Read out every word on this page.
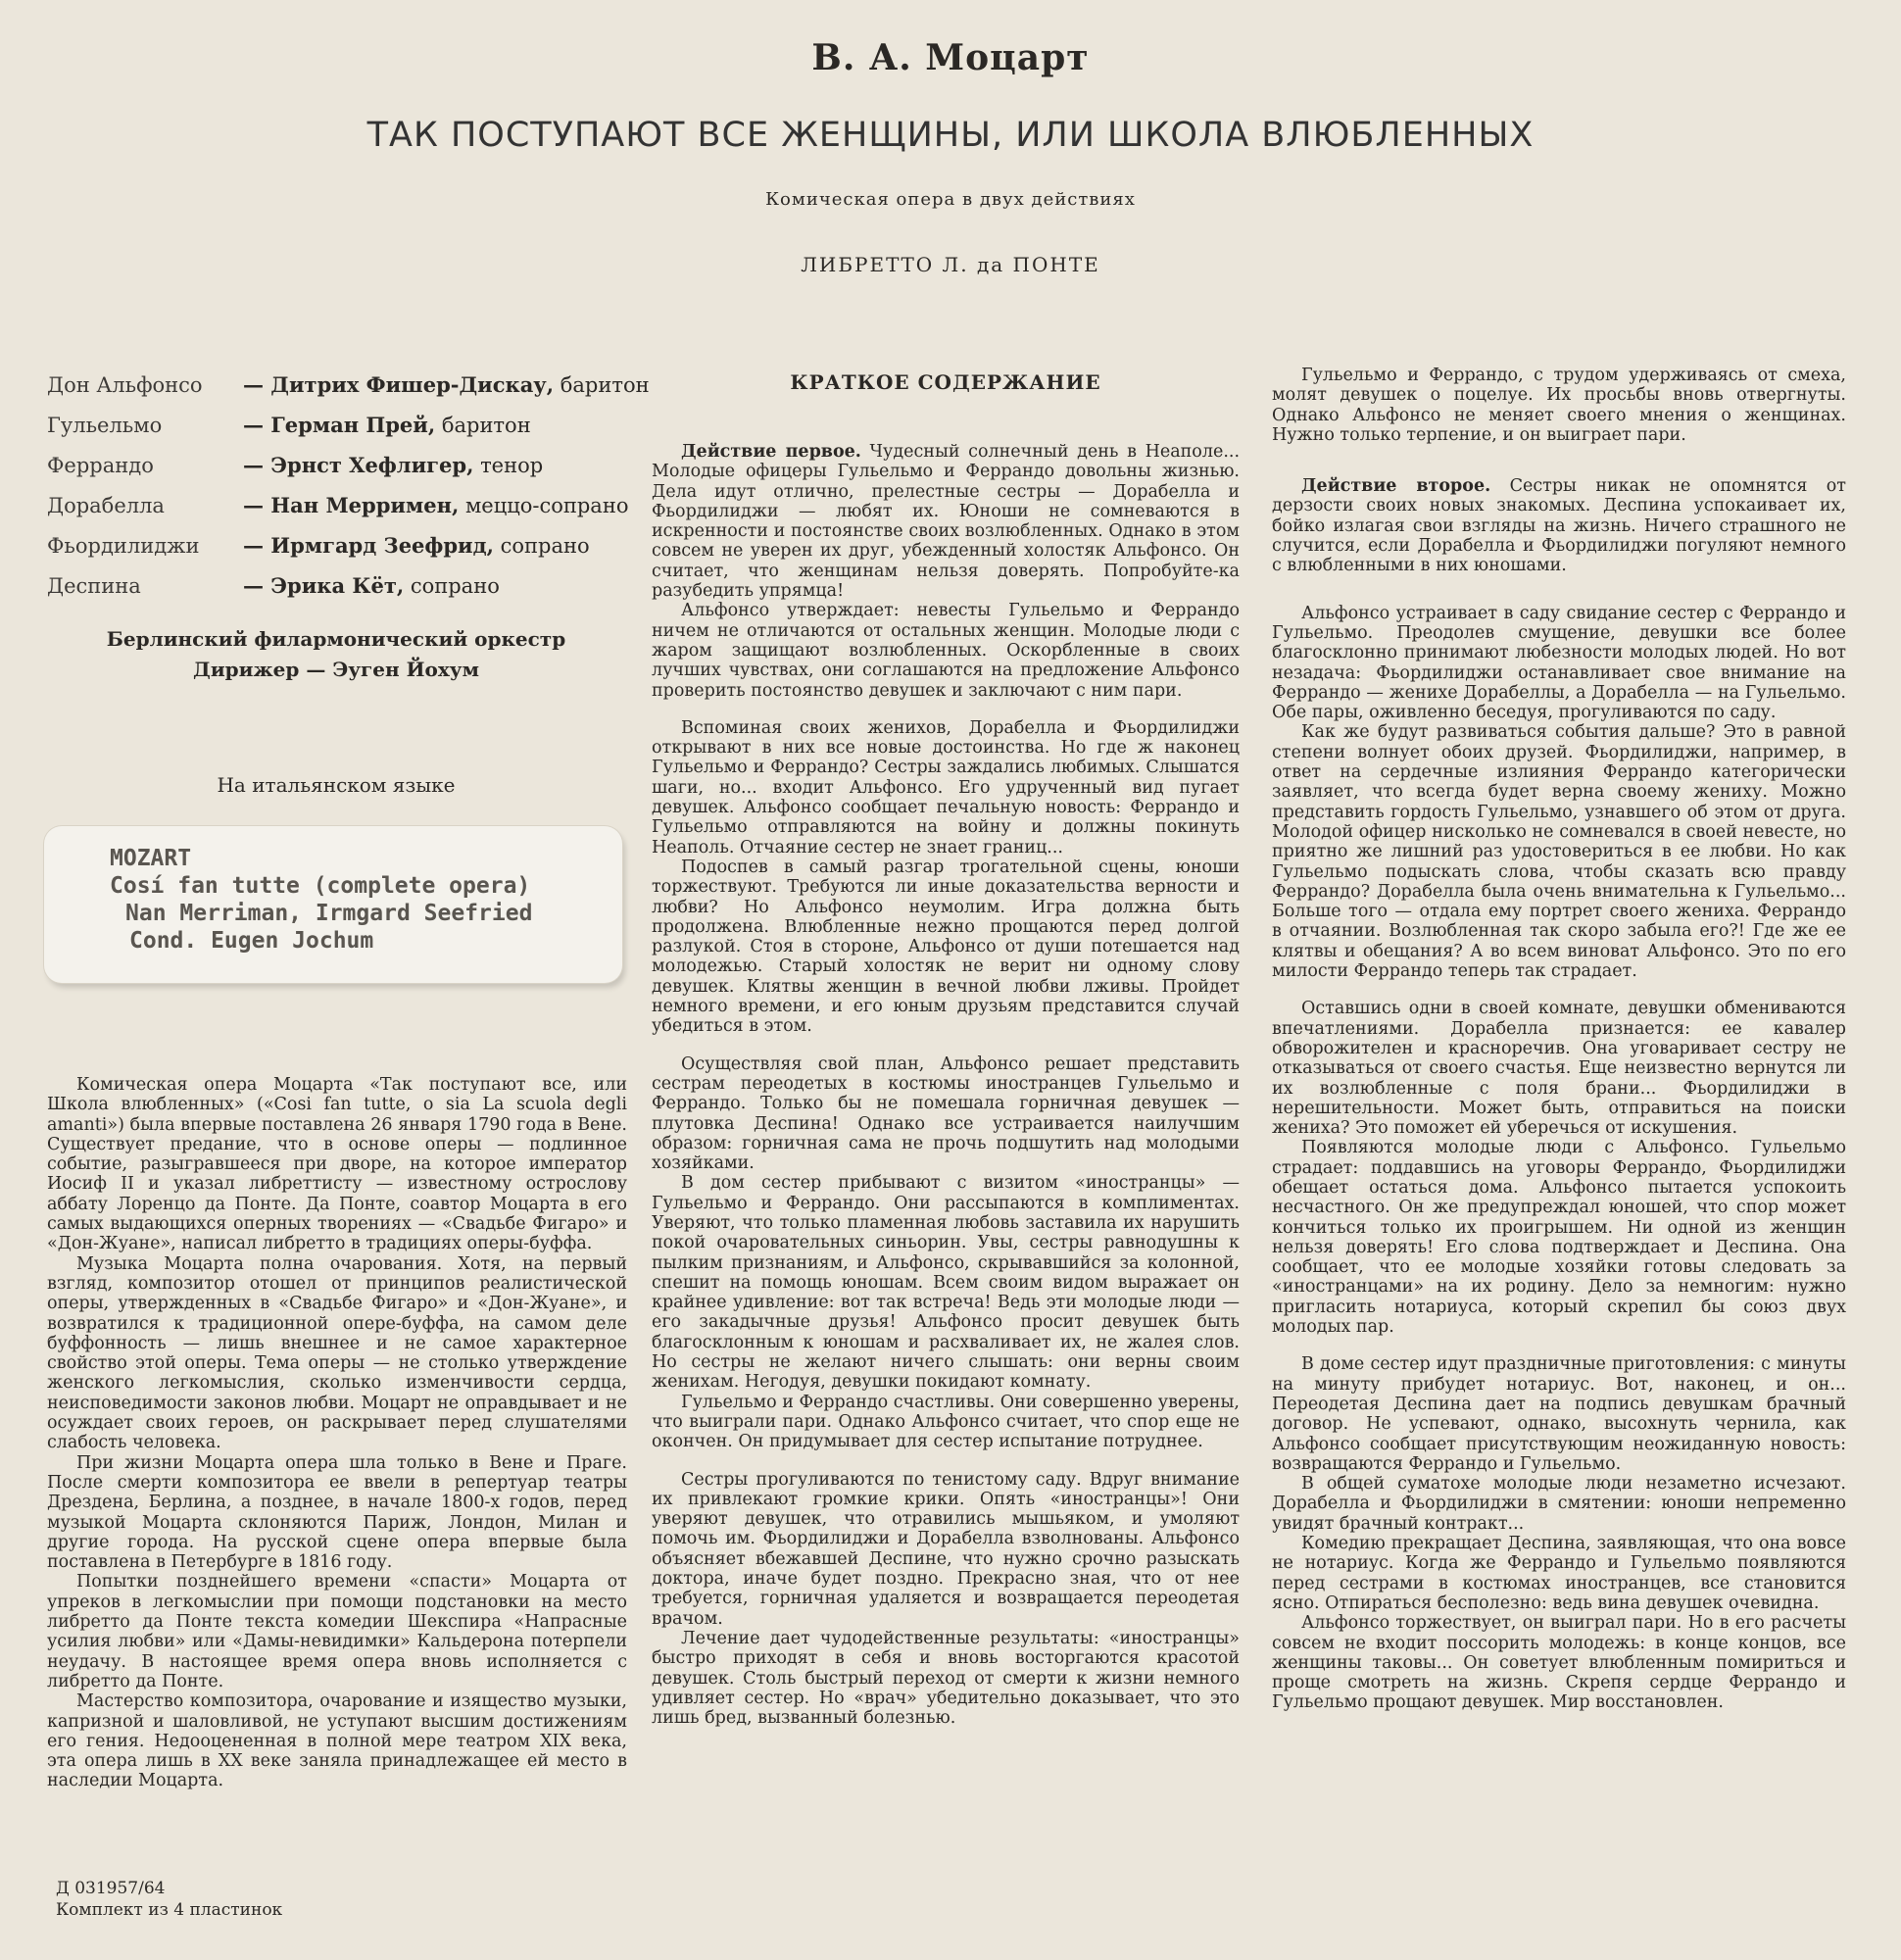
В. А. Моцарт
ТАК ПОСТУПАЮТ ВСЕ ЖЕНЩИНЫ, ИЛИ ШКОЛА ВЛЮБЛЕННЫХ
Комическая опера в двух действиях
ЛИБРЕТТО Л. да ПОНТЕ
Дон Альфонсо — Дитрих Фишер-Дискау, баритон
Гульельмо	— Герман Прей, баритон
Феррандо	— Эрнст Хефлигер, тенор
Дорабелла	— Нан Мерримен, меццо-сопрано
Фьордилиджи — Ирмгард Зеефрид, сопрано
Деспина	— Эрика Кёт, сопрано
Берлинский филармонический оркестр
Дирижер — Эуген Йохум
На итальянском языке
MOZART
Cosí fan tutte (complete opera)
Nan Merriman, Irmgard Seefried
Cond. Eugen Jochum

Комическая опера Моцарта «Так поступают все, или Школа влюбленных» («Cosi fan tutte, o sia La scuola degli amanti») была впервые поставлена 26 января 1790 года в Вене. Существует предание, что в основе оперы — подлинное событие, разыгравшееся при дворе, на которое император Иосиф II и указал либреттисту — известному острослову аббату Лоренцо да Понте. Да Понте, соавтор Моцарта в его самых выдающихся оперных творениях — «Свадьбе Фигаро» и «Дон-Жуане», написал либретто в традициях оперы-буффа.

Музыка Моцарта полна очарования. Хотя, на первый взгляд, композитор отошел от принципов реалистической оперы, утвержденных в «Свадьбе Фигаро» и «Дон-Жуане», и возвратился к традиционной опере-буффа, на самом деле буффонность — лишь внешнее и не самое характерное свойство этой оперы. Тема оперы — не столько утверждение женского легкомыслия, сколько изменчивости сердца, неисповедимости законов любви. Моцарт не оправдывает и не осуждает своих героев, он раскрывает перед слушателями слабость человека.

При жизни Моцарта опера шла только в Вене и Праге. После смерти композитора ее ввели в репертуар театры Дрездена, Берлина, а позднее, в начале 1800-х годов, перед музыкой Моцарта склоняются Париж, Лондон, Милан и другие города. На русской сцене опера впервые была поставлена в Петербурге в 1816 году.

Попытки позднейшего времени «спасти» Моцарта от упреков в легкомыслии при помощи подстановки на место либретто да Понте текста комедии Шекспира «Напрасные усилия любви» или «Дамы-невидимки» Кальдерона потерпели неудачу. В настоящее время опера вновь исполняется с либретто да Понте.

Мастерство композитора, очарование и изящество музыки, капризной и шаловливой, не уступают высшим достижениям его гения. Недооцененная в полной мере театром XIX века, эта опера лишь в XX веке заняла принадлежащее ей место в наследии Моцарта.

КРАТКОЕ СОДЕРЖАНИЕ

Действие первое. Чудесный солнечный день в Неаполе... Молодые офицеры Гульельмо и Феррандо довольны жизнью. Дела идут отлично, прелестные сестры — Дорабелла и Фьордилиджи — любят их. Юноши не сомневаются в искренности и постоянстве своих возлюбленных. Однако в этом совсем не уверен их друг, убежденный холостяк Альфонсо. Он считает, что женщинам нельзя доверять. Попробуйте-ка разубедить упрямца!

Альфонсо утверждает: невесты Гульельмо и Феррандо ничем не отличаются от остальных женщин. Молодые люди с жаром защищают возлюбленных. Оскорбленные в своих лучших чувствах, они соглашаются на предложение Альфонсо проверить постоянство девушек и заключают с ним пари.

Вспоминая своих женихов, Дорабелла и Фьордилиджи открывают в них все новые достоинства. Но где ж наконец Гульельмо и Феррандо? Сестры заждались любимых. Слышатся шаги, но... входит Альфонсо. Его удрученный вид пугает девушек. Альфонсо сообщает печальную новость: Феррандо и Гульельмо отправляются на войну и должны покинуть Неаполь. Отчаяние сестер не знает границ...

Подоспев в самый разгар трогательной сцены, юноши торжествуют. Требуются ли иные доказательства верности и любви? Но Альфонсо неумолим. Игра должна быть продолжена. Влюбленные нежно прощаются перед долгой разлукой. Стоя в стороне, Альфонсо от души потешается над молодежью. Старый холостяк не верит ни одному слову девушек. Клятвы женщин в вечной любви лживы. Пройдет немного времени, и его юным друзьям представится случай убедиться в этом.

Осуществляя свой план, Альфонсо решает представить сестрам переодетых в костюмы иностранцев Гульельмо и Феррандо. Только бы не помешала горничная девушек — плутовка Деспина! Однако все устраивается наилучшим образом: горничная сама не прочь подшутить над молодыми хозяйками.

В дом сестер прибывают с визитом «иностранцы» — Гульельмо и Феррандо. Они рассыпаются в комплиментах. Уверяют, что только пламенная любовь заставила их нарушить покой очаровательных синьорин. Увы, сестры равнодушны к пылким признаниям, и Альфонсо, скрывавшийся за колонной, спешит на помощь юношам. Всем своим видом выражает он крайнее удивление: вот так встреча! Ведь эти молодые люди — его закадычные друзья! Альфонсо просит девушек быть благосклонным к юношам и расхваливает их, не жалея слов. Но сестры не желают ничего слышать: они верны своим женихам. Негодуя, девушки покидают комнату.

Гульельмо и Феррандо счастливы. Они совершенно уверены, что выиграли пари. Однако Альфонсо считает, что спор еще не окончен. Он придумывает для сестер испытание потруднее.

Сестры прогуливаются по тенистому саду. Вдруг внимание их привлекают громкие крики. Опять «иностранцы»! Они уверяют девушек, что отравились мышьяком, и умоляют помочь им. Фьордилиджи и Дорабелла взволнованы. Альфонсо объясняет вбежавшей Деспине, что нужно срочно разыскать доктора, иначе будет поздно. Прекрасно зная, что от нее требуется, горничная удаляется и возвращается переодетая врачом.

Лечение дает чудодейственные результаты: «иностранцы» быстро приходят в себя и вновь восторгаются красотой девушек. Столь быстрый переход от смерти к жизни немного удивляет сестер. Но «врач» убедительно доказывает, что это лишь бред, вызванный болезнью.

Гульельмо и Феррандо, с трудом удерживаясь от смеха, молят девушек о поцелуе. Их просьбы вновь отвергнуты. Однако Альфонсо не меняет своего мнения о женщинах. Нужно только терпение, и он выиграет пари.

Действие второе. Сестры никак не опомнятся от дерзости своих новых знакомых. Деспина успокаивает их, бойко излагая свои взгляды на жизнь. Ничего страшного не случится, если Дорабелла и Фьордилиджи погуляют немного с влюбленными в них юношами.

Альфонсо устраивает в саду свидание сестер с Феррандо и Гульельмо. Преодолев смущение, девушки все более благосклонно принимают любезности молодых людей. Но вот незадача: Фьордилиджи останавливает свое внимание на Феррандо — женихе Дорабеллы, а Дорабелла — на Гульельмо. Обе пары, оживленно беседуя, прогуливаются по саду.

Как же будут развиваться события дальше? Это в равной степени волнует обоих друзей. Фьордилиджи, например, в ответ на сердечные излияния Феррандо категорически заявляет, что всегда будет верна своему жениху. Можно представить гордость Гульельмо, узнавшего об этом от друга. Молодой офицер нисколько не сомневался в своей невесте, но приятно же лишний раз удостовериться в ее любви. Но как Гульельмо подыскать слова, чтобы сказать всю правду Феррандо? Дорабелла была очень внимательна к Гульельмо... Больше того — отдала ему портрет своего жениха. Феррандо в отчаянии. Возлюбленная так скоро забыла его?! Где же ее клятвы и обещания? А во всем виноват Альфонсо. Это по его милости Феррандо теперь так страдает.

Оставшись одни в своей комнате, девушки обмениваются впечатлениями. Дорабелла признается: ее кавалер обворожителен и красноречив. Она уговаривает сестру не отказываться от своего счастья. Еще неизвестно вернутся ли их возлюбленные с поля брани... Фьордилиджи в нерешительности. Может быть, отправиться на поиски жениха? Это поможет ей уберечься от искушения.

Появляются молодые люди с Альфонсо. Гульельмо страдает: поддавшись на уговоры Феррандо, Фьордилиджи обещает остаться дома. Альфонсо пытается успокоить несчастного. Он же предупреждал юношей, что спор может кончиться только их проигрышем. Ни одной из женщин нельзя доверять! Его слова подтверждает и Деспина. Она сообщает, что ее молодые хозяйки готовы следовать за «иностранцами» на их родину. Дело за немногим: нужно пригласить нотариуса, который скрепил бы союз двух молодых пар.

В доме сестер идут праздничные приготовления: с минуты на минуту прибудет нотариус. Вот, наконец, и он... Переодетая Деспина дает на подпись девушкам брачный договор. Не успевают, однако, высохнуть чернила, как Альфонсо сообщает присутствующим неожиданную новость: возвращаются Феррандо и Гульельмо.

В общей суматохе молодые люди незаметно исчезают. Дорабелла и Фьордилиджи в смятении: юноши непременно увидят брачный контракт...

Комедию прекращает Деспина, заявляющая, что она вовсе не нотариус. Когда же Феррандо и Гульельмо появляются перед сестрами в костюмах иностранцев, все становится ясно. Отпираться бесполезно: ведь вина девушек очевидна.

Альфонсо торжествует, он выиграл пари. Но в его расчеты совсем не входит поссорить молодежь: в конце концов, все женщины таковы... Он советует влюбленным помириться и проще смотреть на жизнь. Скрепя сердце Феррандо и Гульельмо прощают девушек. Мир восстановлен.

Д 031957/64
Комплект из 4 пластинок
